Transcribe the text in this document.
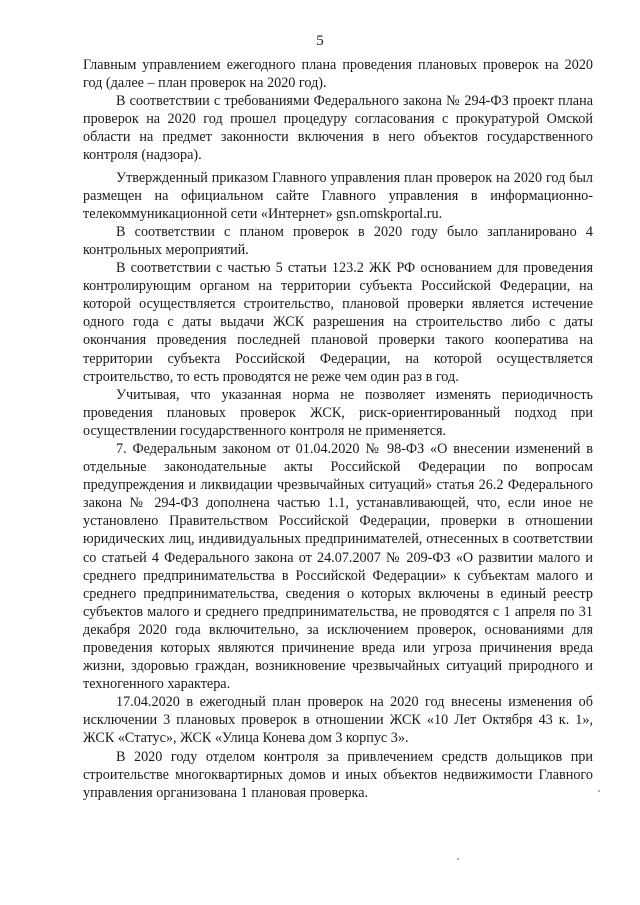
5

Главным управлением ежегодного плана проведения плановых проверок на 2020 год (далее – план проверок на 2020 год).

В соответствии с требованиями Федерального закона № 294-ФЗ проект плана проверок на 2020 год прошел процедуру согласования с прокуратурой Омской области на предмет законности включения в него объектов государственного контроля (надзора).

Утвержденный приказом Главного управления план проверок на 2020 год был размещен на официальном сайте Главного управления в информационно-телекоммуникационной сети «Интернет» gsn.omskportal.ru.

В соответствии с планом проверок в 2020 году было запланировано 4 контрольных мероприятий.

В соответствии с частью 5 статьи 123.2 ЖК РФ основанием для проведения контролирующим органом на территории субъекта Российской Федерации, на которой осуществляется строительство, плановой проверки является истечение одного года с даты выдачи ЖСК разрешения на строительство либо с даты окончания проведения последней плановой проверки такого кооператива на территории субъекта Российской Федерации, на которой осуществляется строительство, то есть проводятся не реже чем один раз в год.

Учитывая, что указанная норма не позволяет изменять периодичность проведения плановых проверок ЖСК, риск-ориентированный подход при осуществлении государственного контроля не применяется.

7. Федеральным законом от 01.04.2020 № 98-ФЗ «О внесении изменений в отдельные законодательные акты Российской Федерации по вопросам предупреждения и ликвидации чрезвычайных ситуаций» статья 26.2 Федерального закона № 294-ФЗ дополнена частью 1.1, устанавливающей, что, если иное не установлено Правительством Российской Федерации, проверки в отношении юридических лиц, индивидуальных предпринимателей, отнесенных в соответствии со статьей 4 Федерального закона от 24.07.2007 № 209-ФЗ «О развитии малого и среднего предпринимательства в Российской Федерации» к субъектам малого и среднего предпринимательства, сведения о которых включены в единый реестр субъектов малого и среднего предпринимательства, не проводятся с 1 апреля по 31 декабря 2020 года включительно, за исключением проверок, основаниями для проведения которых являются причинение вреда или угроза причинения вреда жизни, здоровью граждан, возникновение чрезвычайных ситуаций природного и техногенного характера.

17.04.2020 в ежегодный план проверок на 2020 год внесены изменения об исключении 3 плановых проверок в отношении ЖСК «10 Лет Октября 43 к. 1», ЖСК «Статус», ЖСК «Улица Конева дом 3 корпус 3».

В 2020 году отделом контроля за привлечением средств дольщиков при строительстве многоквартирных домов и иных объектов недвижимости Главного управления организована 1 плановая проверка.
